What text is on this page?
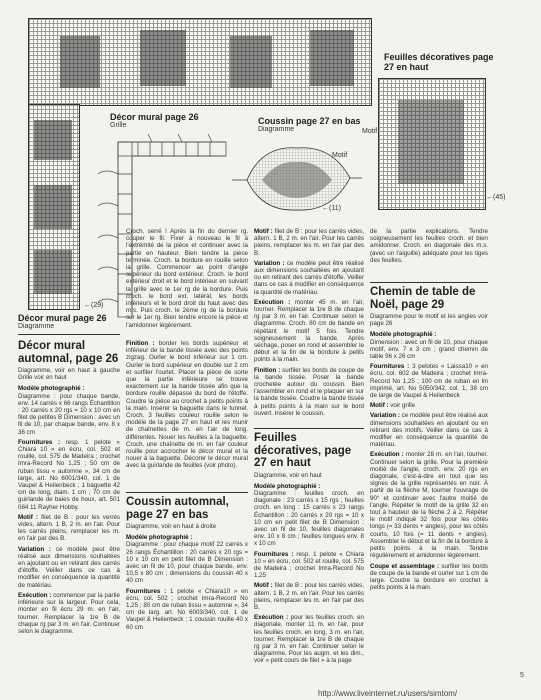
←(29)
Décor mural page 26
Diagramme
Décor mural page 26
Grille	Coussin page 27 en bas
Diagramme
Motif
←(11)
Feuilles décoratives page 27 en haut
Motif
←(45)
Décor mural automnal, page 26
Diagramme, voir en haut à gauche Grille voir en haut
Modèle photographié :
Diagramme : pour chaque bande, env. 14 carrés x 66 rangs Échantillon : 20 carrés x 20 rgs = 10 x 10 cm en filet de petites B Dimension : avec un fil de 10, par chaque bande, env. 8 x 36 cm
Fournitures : resp. 1 pelote « Chiara 10 » en écru, col. 502 et rouille, col. 575 de Madeira ; crochet Imra-Record No 1,25 ; 50 cm de ruban tissu « automne », 34 cm de large, art. No 6001/340, col. 1 de Vaupel & Heilenbeck ; 1 baguette 42 cm de long, diam. 1 cm ; 70 cm de guirlande de baies de houx, art. 501 084 11 Rayher Hobby.
Motif : filet de B : pour les verrés vides, altern. 1 B, 2 m. en l'air. Pour les carrés pleins, remplacer les m. en l'air par des B.
Variation : ce modèle peut être réalisé aux dimensions souhaitées en ajoutant ou en retirant des carrés d'étoffe. Veiller dans ce cas à modifier en conséquence la quantité de matériau.
Exécution : commencer par la partie inférieure sur la largeur. Pour cela, monter en fil écru 29 m. en l'air, tourner. Remplacer la 1re B de chaque rg par 3 m. en l'air. Continuer selon le diagramme.
Croch. serré ! Après la fin du dernier rg, couper le fil. Fixer à nouveau le fil à l'extrémité de la pièce et continuer avec la partie en hauteur. Bien tendre la pièce terminée. Croch. la bordure en rouille selon la grille. Commencer au point d'angle supérieur du bord extérieur. Croch. le bord extérieur droit et le bord intérieur en suivant la grille avec le 1er rg de la bordure. Puis croch. le bord ext. latéral, les bords intérieurs et le bord droit du haut avec des m.s. Puis croch. le 2ème rg de la bordure sur le 1er rg. Bien tendre encore la pièce et l'amidonner légèrement.
Finition : border les bords supérieur et inférieur de la bande tissée avec des points zigzag. Ourler le bord inférieur sur 1 cm. Ourler le bord supérieur en double sur 2 cm et surfiler l'ourlet. Placer la pièce de sorte que la partie inférieure se trouve exactement sur la bande tissée afin que la bordure rouille dépasse du bord de l'étoffe. Coudre la pièce au crochet à petits points à la main. Insérer la baguette dans le tunnel. Croch. 3 feuilles couleur rouille selon le modèle de la page 27 en haut et les munir de chaînettes de m. en l'air de long. différentes. Nouer les feuilles à la baguette. Croch. une chaînette de m. en l'air couleur rouille pour accrocher le décor mural et la nouer à la baguette. Décorer le décor mural avec la guirlande de feuilles (voir photo).
Coussin automnal, page 27 en bas
Diagramme, voir en haut à droite
Modèle photographié :
Diagramme : pour chaque motif 22 carrés x 26 rangs Échantillon : 20 carrés x 20 rgs = 10 x 10 cm en petit filet de B Dimension : avec un fil de 10, pour chaque bande, env. 10,5 x 80 cm ; dimensions du coussin 40 x 40 cm
Fournitures : 1 pelote « Chiara10 » en écru, col. 502 ; crochet Imra-Record No 1,25 ; 80 cm de ruban tissu « automne », 34 cm de larg. art. No 6003/340, col. 1 de Vaupel & Heilenbeck ; 1 coussin rouille 40 x 60 cm
Motif : filet de B : pour les carrés vides, altern. 1 B, 2 m. en l'air. Pour les carrés pleins, remplacer les m. en l'air par des B.
Variation : ce modèle peut être réalisé aux dimensions souhaitées en ajoutant ou en retirant des carrés d'étoffe. Veiller dans ce cas à modifier en conséquence la quantité de matériau.
Exécution : monter 45 m. en l'air, tourner. Remplacer la 1re B de chaque rg par 3 m. en l'air. Continuer selon le diagramme. Croch. 80 cm de bande en répétant le motif 5 fois. Tendre soigneusement la bande. Après séchage, poser en rond et assembler le début et la fin de la bordure à petits points à la main.
Finition : surfiler les bords de coupe de la bande tissée. Poser la bande crochetée autour du coussin. Bien l'assembler en rond et le plaquer en sur la bande tissée. Coudre la bande tissée à petits points à la main sur le bord ouvert. Insérer le coussin.
Feuilles décoratives, page 27 en haut
Diagramme, voir en haut
Modèle photographié :
Diagramme : feuilles croch. en diagonale : 23 carrés x 15 rgs ; feuilles croch. en long : 15 carrés x 23 rangs Échantillon : 20 carrés x 20 rgs = 10 x 10 cm en petit filet de B Dimension : avec un fil de 10, feuilles diagonales env. 10 x 8 cm ; feuilles longues env. 8 x 10 cm
Fournitures : resp. 1 pelote « Chiara 10 » en écru, col. 502 et rouille, col. 575 de Madeira ; crochet Imra-Record No 1,25
Motif : filet de B : pour les carrés vides, altern. 1 B, 2 m. en l'air. Pour les carrés pleins, remplacer les m. en l'air par des B.
Exécution : pour les feuilles croch. en diagonale, monter 11 m. en l'air, pour les feuilles croch. en long, 3 m. en l'air, tourner. Remplacer la 1re B de chaque rg par 3 m. en l'air. Continuer selon le diagramme. Pour les augm. et les dim., voir « petit cours de filet » à la page
de la partie explications. Tendre soigneusement les feuilles croch. et bien amidonner. Croch. en diagonale des m.s. (avec un l'aiguille) adéquate pour les tiges des feuilles.
Chemin de table de Noël, page 29
Diagramme pour le motif et les angles voir page 26
Modèle photographié :
Dimension : avec un fil de 10, pour chaque motif, env. 7 x 3 cm ; grand chemin de table 96 x 26 cm
Fournitures : 3 pelotes « Laissa10 » en écru, col. 602 de Madeira ; crochet Imra-Record No 1,25 ; 100 cm de ruban en lin imprimé, art. No 5050/342, col. 1, 38 cm de large de Vaupel & Heilenbeck
Motif : voir grille
Variation : ce modèle peut être réalisé aux dimensions souhaitées en ajoutant ou en retirant des motifs. Veiller dans ce cas à modifier en conséquence la quantité de matériau.
Exécution : monter 28 m. en l'air, tourner. Continuer selon la grille. Pour la première moitié de l'angle, croch. env. 20 rgs en diagonale, c'est-à-dire en tout que les signes de la grille représentés en noir. À partir de la flèche M, tourner l'ouvrage de 90° et continuer avec l'autre moitié de l'angle. Répéter le motif de la grille 32 en tout à hauteur de la flèche 2 à 2. Répéter le motif indiqué 32 fois pour les côtés longs (= 33 dents + angles), pour les côtés courts, 10 fois (= 11 dents + angles). Assembler le début et la fin de la bordure à petits points à la main. Tendre régulièrement et amidonner légèrement.
Coupe et assemblage : surfiler les bords de coupe de la bande et ourler sur 1 cm de large. Coudre la bordure en crochet à petits points à la main.
5
http://www.liveinternet.ru/users/simtom/
